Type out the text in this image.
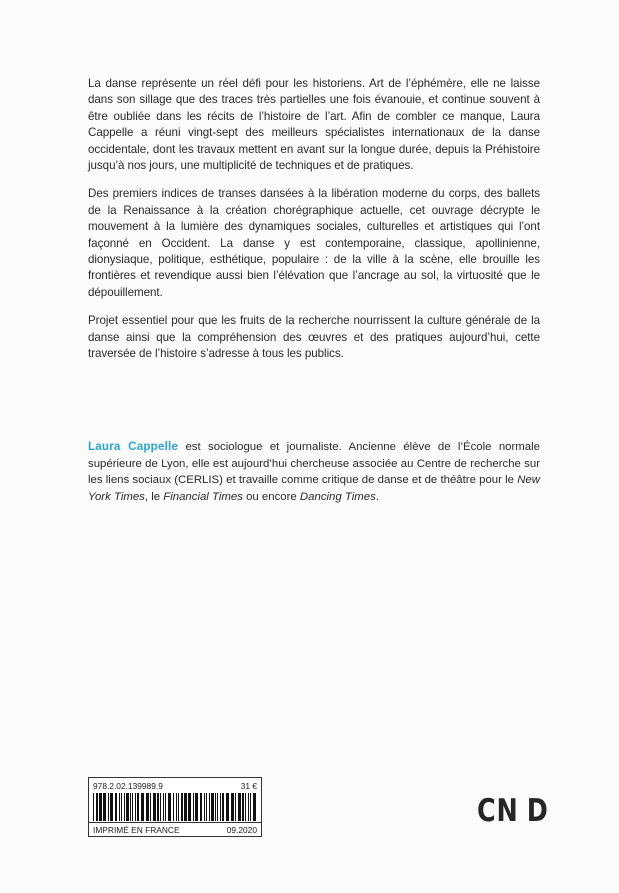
La danse représente un réel défi pour les historiens. Art de l’éphémère, elle ne laisse dans son sillage que des traces très partielles une fois évanouie, et continue souvent à être oubliée dans les récits de l’histoire de l’art. Afin de combler ce manque, Laura Cappelle a réuni vingt-sept des meilleurs spécialistes internationaux de la danse occidentale, dont les travaux mettent en avant sur la longue durée, depuis la Préhistoire jusqu’à nos jours, une multiplicité de techniques et de pratiques.

Des premiers indices de transes dansées à la libération moderne du corps, des ballets de la Renaissance à la création chorégraphique actuelle, cet ouvrage décrypte le mouvement à la lumière des dynamiques sociales, culturelles et artistiques qui l’ont façonné en Occident. La danse y est contemporaine, classique, apollinienne, dionysiaque, politique, esthétique, populaire : de la ville à la scène, elle brouille les frontières et revendique aussi bien l’élévation que l’ancrage au sol, la virtuosité que le dépouillement.

Projet essentiel pour que les fruits de la recherche nourrissent la culture générale de la danse ainsi que la compréhension des œuvres et des pratiques aujourd’hui, cette traversée de l’histoire s’adresse à tous les publics.

Laura Cappelle est sociologue et journaliste. Ancienne élève de l’École normale supérieure de Lyon, elle est aujourd’hui chercheuse associée au Centre de recherche sur les liens sociaux (CERLIS) et travaille comme critique de danse et de théâtre pour le New York Times, le Financial Times ou encore Dancing Times.
978.2.02.139989.9	31 €
IMPRIMÉ EN FRANCE	09.2020
CN D
